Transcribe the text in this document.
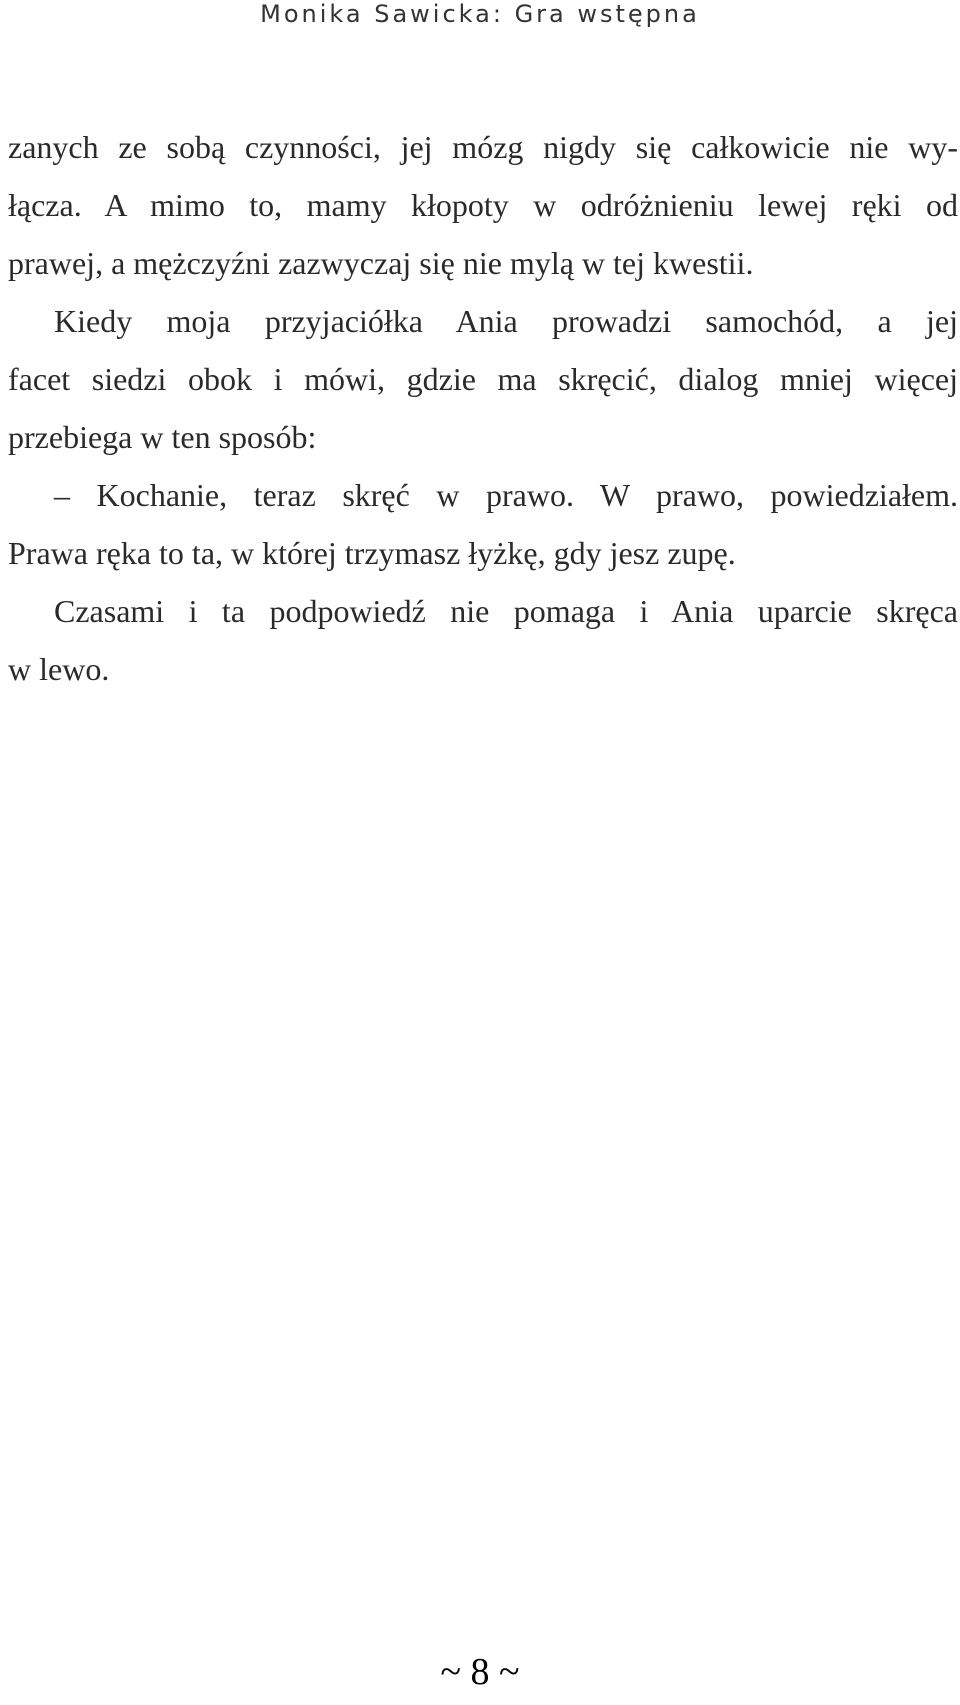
Monika Sawicka: Gra wstępna
zanych ze sobą czynności, jej mózg nigdy się całkowicie nie wy-
łącza. A mimo to, mamy kłopoty w odróżnieniu lewej ręki od
prawej, a mężczyźni zazwyczaj się nie mylą w tej kwestii.
Kiedy moja przyjaciółka Ania prowadzi samochód, a jej
facet siedzi obok i mówi, gdzie ma skręcić, dialog mniej więcej
przebiega w ten sposób:
– Kochanie, teraz skręć w prawo. W prawo, powiedziałem.
Prawa ręka to ta, w której trzymasz łyżkę, gdy jesz zupę.
Czasami i ta podpowiedź nie pomaga i Ania uparcie skręca
w lewo.
~ 8 ~
